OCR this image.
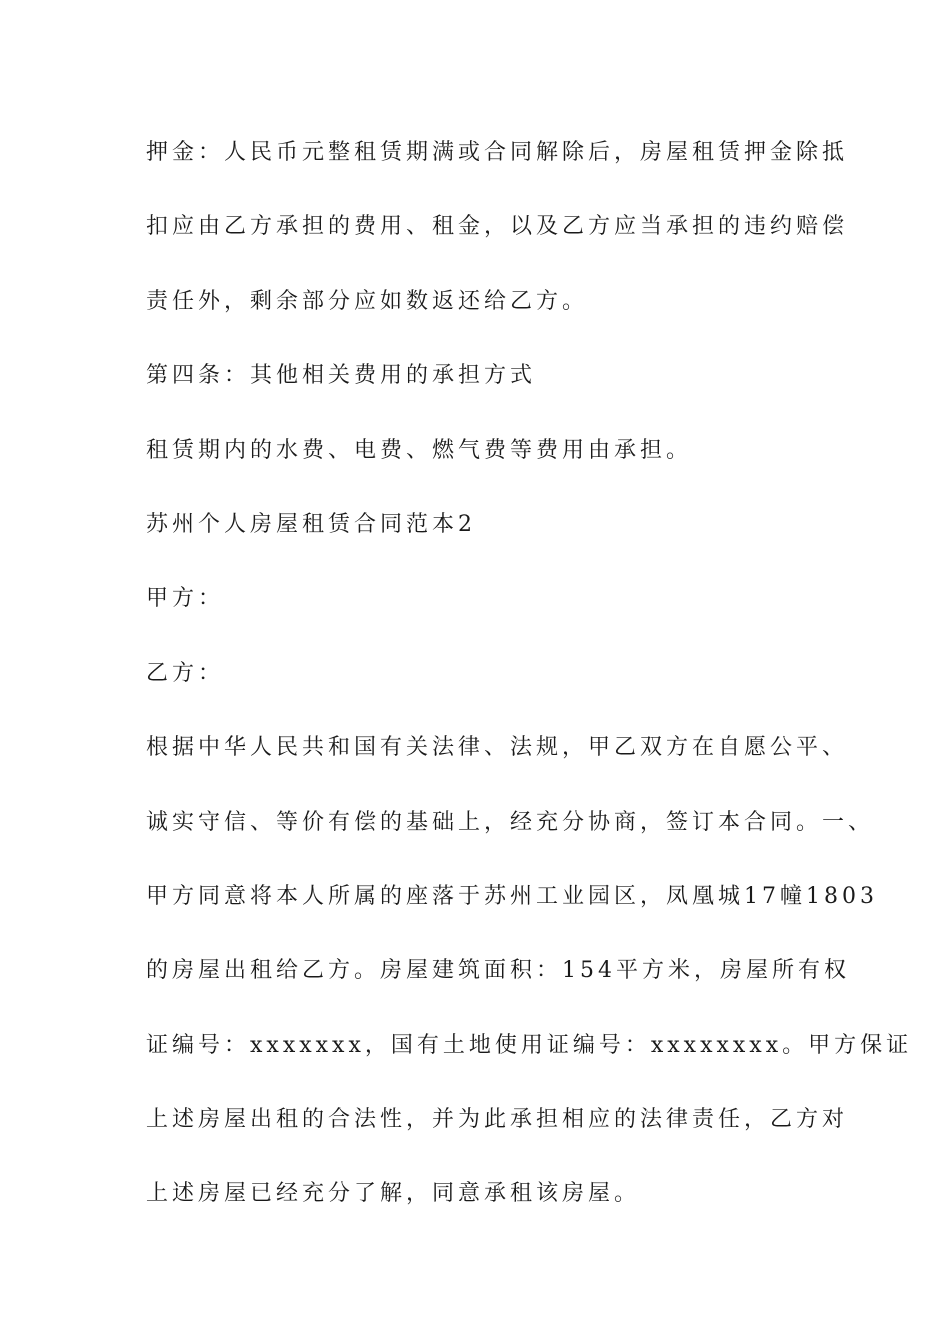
押金：人民币元整租赁期满或合同解除后，房屋租赁押金除抵

扣应由乙方承担的费用、租金，以及乙方应当承担的违约赔偿

责任外，剩余部分应如数返还给乙方。

第四条：其他相关费用的承担方式

租赁期内的水费、电费、燃气费等费用由承担。

苏州个人房屋租赁合同范本2

甲方：

乙方：

根据中华人民共和国有关法律、法规，甲乙双方在自愿公平、

诚实守信、等价有偿的基础上，经充分协商，签订本合同。一、

甲方同意将本人所属的座落于苏州工业园区，凤凰城17幢1803

的房屋出租给乙方。房屋建筑面积：154平方米，房屋所有权

证编号：xxxxxxx，国有土地使用证编号：xxxxxxxx。甲方保证

上述房屋出租的合法性，并为此承担相应的法律责任，乙方对

上述房屋已经充分了解，同意承租该房屋。
